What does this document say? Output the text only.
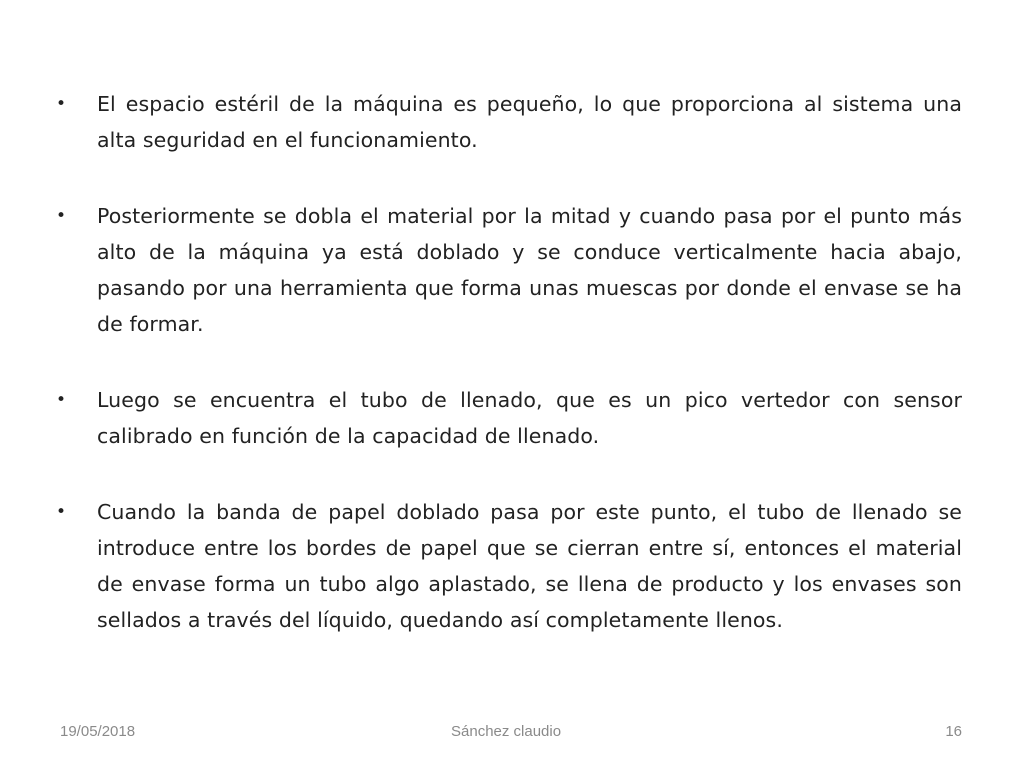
• El espacio estéril de la máquina es pequeño, lo que proporciona al sistema una alta seguridad en el funcionamiento.
• Posteriormente se dobla el material por la mitad y cuando pasa por el punto más alto de la máquina ya está doblado y se conduce verticalmente hacia abajo, pasando por una herramienta que forma unas muescas por donde el envase se ha de formar.
• Luego se encuentra el tubo de llenado, que es un pico vertedor con sensor calibrado en función de la capacidad de llenado.
• Cuando la banda de papel doblado pasa por este punto, el tubo de llenado se introduce entre los bordes de papel que se cierran entre sí, entonces el material de envase forma un tubo algo aplastado, se llena de producto y los envases son sellados a través del líquido, quedando así completamente llenos.
19/05/2018	Sánchez claudio	16
